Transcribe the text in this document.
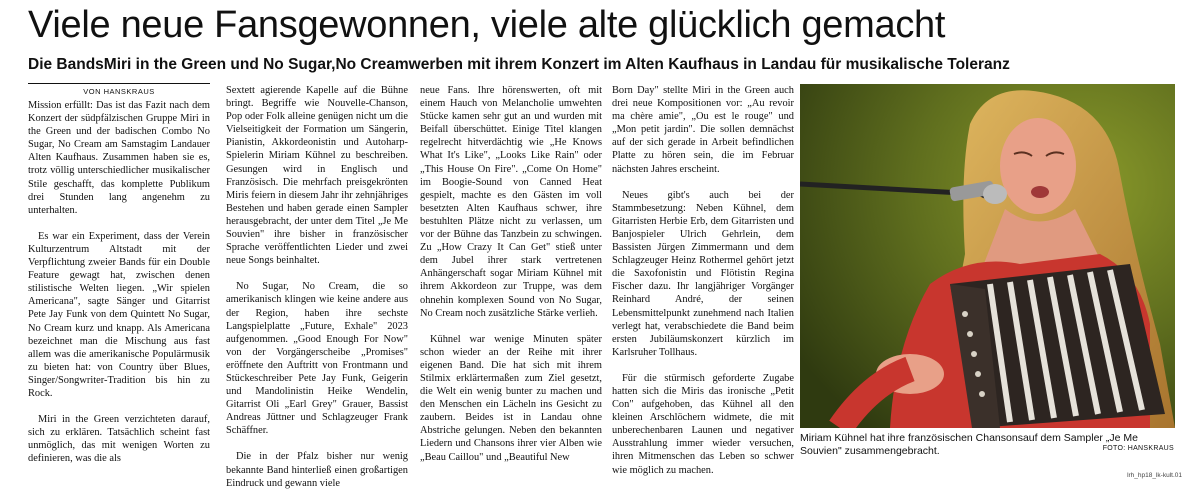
Viele neue Fansgewonnen, viele alte glücklich gemacht
Die BandsMiri in the Green und No Sugar,No Creamwerben mit ihrem Konzert im Alten Kaufhaus in Landau für musikalische Toleranz
VON HANSKRAUS

Mission erfüllt: Das ist das Fazit nach dem Konzert der südpfälzischen Gruppe Miri in the Green und der badischen Combo No Sugar, No Cream am Samstagim Landauer Alten Kaufhaus. Zusammen haben sie es, trotz völlig unterschiedlicher musikalischer Stile geschafft, das komplette Publikum drei Stunden lang angenehm zu unterhalten.

Es war ein Experiment, dass der Verein Kulturzentrum Altstadt mit der Verpflichtung zweier Bands für ein Double Feature gewagt hat, zwischen denen stilistische Welten liegen. „Wir spielen Americana", sagte Sänger und Gitarrist Pete Jay Funk von dem Quintett No Sugar, No Cream kurz und knapp. Als Americana bezeichnet man die Mischung aus fast allem was die amerikanische Populärmusik zu bieten hat: von Country über Blues, Singer/Songwriter-Tradition bis hin zu Rock.

Miri in the Green verzichteten darauf, sich zu erklären. Tatsächlich scheint fast unmöglich, das mit wenigen Worten zu definieren, was die als

Sextett agierende Kapelle auf die Bühne bringt. Begriffe wie Nouvelle-Chanson, Pop oder Folk alleine genügen nicht um die Vielseitigkeit der Formation um Sängerin, Pianistin, Akkordeonistin und Autoharp-Spielerin Miriam Kühnel zu beschreiben. Gesungen wird in Englisch und Französisch. Die mehrfach preisgekrönten Miris feiern in diesem Jahr ihr zehnjähriges Bestehen und haben gerade einen Sampler herausgebracht, der unter dem Titel „Je Me Souvien" ihre bisher in französischer Sprache veröffentlichten Lieder und zwei neue Songs beinhaltet.

No Sugar, No Cream, die so amerikanisch klingen wie keine andere aus der Region, haben ihre sechste Langspielplatte „Future, Exhale" 2023 aufgenommen. „Good Enough For Now" von der Vorgängerscheibe „Promises" eröffnete den Auftritt von Frontmann und Stückeschreiber Pete Jay Funk, Geigerin und Mandolinistin Heike Wendelin, Gitarrist Oli „Earl Grey" Grauer, Bassist Andreas Jüttner und Schlagzeuger Frank Schäffner.

Die in der Pfalz bisher nur wenig bekannte Band hinterließ einen großartigen Eindruck und gewann viele

neue Fans. Ihre hörenswerten, oft mit einem Hauch von Melancholie umwehten Stücke kamen sehr gut an und wurden mit Beifall überschüttet. Einige Titel klangen regelrecht hitverdächtig wie „He Knows What It's Like", „Looks Like Rain" oder „This House On Fire". „Come On Home" im Boogie-Sound von Canned Heat gespielt, machte es den Gästen im voll besetzten Alten Kaufhaus schwer, ihre bestuhlten Plätze nicht zu verlassen, um vor der Bühne das Tanzbein zu schwingen. Zu „How Crazy It Can Get" stieß unter dem Jubel ihrer stark vertretenen Anhängerschaft sogar Miriam Kühnel mit ihrem Akkordeon zur Truppe, was dem ohnehin komplexen Sound von No Sugar, No Cream noch zusätzliche Stärke verlieh.

Kühnel war wenige Minuten später schon wieder an der Reihe mit ihrer eigenen Band. Die hat sich mit ihrem Stilmix erklärtermaßen zum Ziel gesetzt, die Welt ein wenig bunter zu machen und den Menschen ein Lächeln ins Gesicht zu zaubern. Beides ist in Landau ohne Abstriche gelungen. Neben den bekannten Liedern und Chansons ihrer vier Alben wie „Beau Caillou" und „Beautiful New

Born Day" stellte Miri in the Green auch drei neue Kompositionen vor: „Au revoir ma chère amie", „Ou est le rouge" und „Mon petit jardin". Die sollen demnächst auf der sich gerade in Arbeit befindlichen Platte zu hören sein, die im Februar nächsten Jahres erscheint.

Neues gibt's auch bei der Stammbesetzung: Neben Kühnel, dem Gitarristen Herbie Erb, dem Gitarristen und Banjospieler Ulrich Gehrlein, dem Bassisten Jürgen Zimmermann und dem Schlagzeuger Heinz Rothermel gehört jetzt die Saxofonistin und Flötistin Regina Fischer dazu. Ihr langjähriger Vorgänger Reinhard André, der seinen Lebensmittelpunkt zunehmend nach Italien verlegt hat, verabschiedete die Band beim ersten Jubiläumskonzert kürzlich im Karlsruher Tollhaus.

Für die stürmisch geforderte Zugabe hatten sich die Miris das ironische „Petit Con" aufgehoben, das Kühnel all den kleinen Arschlöchern widmete, die mit unberechenbaren Launen und negativer Ausstrahlung immer wieder versuchen, ihren Mitmenschen das Leben so schwer wie möglich zu machen.

Miriam Kühnel hat ihre französischen Chansonsauf dem Sampler „Je Me Souvien" zusammengebracht.	FOTO: HANSKRAUS
lrh_hp18_lk-kult.01
